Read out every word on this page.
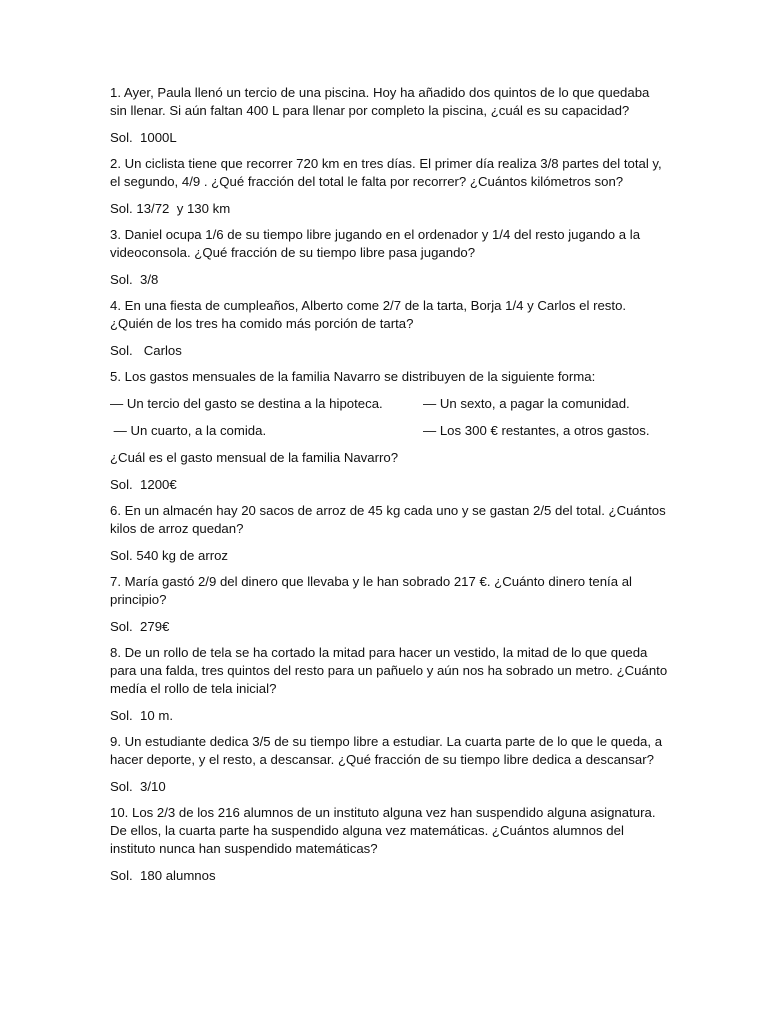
1. Ayer, Paula llenó un tercio de una piscina. Hoy ha añadido dos quintos de lo que quedaba
sin llenar. Si aún faltan 400 L para llenar por completo la piscina, ¿cuál es su capacidad?
Sol.  1000L
2. Un ciclista tiene que recorrer 720 km en tres días. El primer día realiza 3/8 partes del total y,
el segundo, 4/9 . ¿Qué fracción del total le falta por recorrer? ¿Cuántos kilómetros son?
Sol. 13/72  y 130 km
3. Daniel ocupa 1/6 de su tiempo libre jugando en el ordenador y 1/4 del resto jugando a la
videoconsola. ¿Qué fracción de su tiempo libre pasa jugando?
Sol.  3/8
4. En una fiesta de cumpleaños, Alberto come 2/7 de la tarta, Borja 1/4 y Carlos el resto.
¿Quién de los tres ha comido más porción de tarta?
Sol.   Carlos
5. Los gastos mensuales de la familia Navarro se distribuyen de la siguiente forma:

— Un tercio del gasto se destina a la hipoteca.

	— Un sexto, a pagar la comunidad.

— Un cuarto, a la comida.

	— Los 300 € restantes, a otros gastos.

¿Cuál es el gasto mensual de la familia Navarro?
Sol.  1200€
6. En un almacén hay 20 sacos de arroz de 45 kg cada uno y se gastan 2/5 del total. ¿Cuántos
kilos de arroz quedan?
Sol. 540 kg de arroz
7. María gastó 2/9 del dinero que llevaba y le han sobrado 217 €. ¿Cuánto dinero tenía al
principio?
Sol.  279€
8. De un rollo de tela se ha cortado la mitad para hacer un vestido, la mitad de lo que queda
para una falda, tres quintos del resto para un pañuelo y aún nos ha sobrado un metro. ¿Cuánto
medía el rollo de tela inicial?
Sol.  10 m.
9. Un estudiante dedica 3/5 de su tiempo libre a estudiar. La cuarta parte de lo que le queda, a
hacer deporte, y el resto, a descansar. ¿Qué fracción de su tiempo libre dedica a descansar?
Sol.  3/10
10. Los 2/3 de los 216 alumnos de un instituto alguna vez han suspendido alguna asignatura.
De ellos, la cuarta parte ha suspendido alguna vez matemáticas. ¿Cuántos alumnos del
instituto nunca han suspendido matemáticas?
Sol.  180 alumnos
